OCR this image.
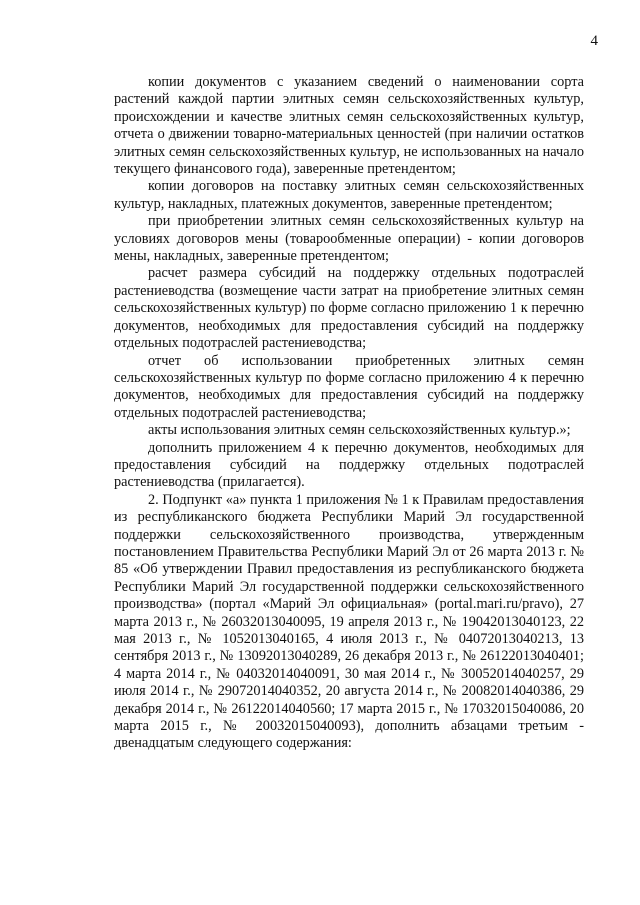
4

копии документов с указанием сведений о наименовании сорта растений каждой партии элитных семян сельскохозяйственных культур, происхождении и качестве элитных семян сельскохозяйственных культур, отчета о движении товарно-материальных ценностей (при наличии остатков элитных семян сельскохозяйственных культур, не использованных на начало текущего финансового года), заверенные претендентом;

копии договоров на поставку элитных семян сельскохозяйственных культур, накладных, платежных документов, заверенные претендентом;

при приобретении элитных семян сельскохозяйственных культур на условиях договоров мены (товарообменные операции) - копии договоров мены, накладных, заверенные претендентом;

расчет размера субсидий на поддержку отдельных подотраслей растениеводства (возмещение части затрат на приобретение элитных семян сельскохозяйственных культур) по форме согласно приложению 1 к перечню документов, необходимых для предоставления субсидий на поддержку отдельных подотраслей растениеводства;

отчет об использовании приобретенных элитных семян сельскохозяйственных культур по форме согласно приложению 4 к перечню документов, необходимых для предоставления субсидий на поддержку отдельных подотраслей растениеводства;

акты использования элитных семян сельскохозяйственных культур.»;

дополнить приложением 4 к перечню документов, необходимых для предоставления субсидий на поддержку отдельных подотраслей растениеводства (прилагается).

2. Подпункт «а» пункта 1 приложения № 1 к Правилам предоставления из республиканского бюджета Республики Марий Эл государственной поддержки сельскохозяйственного производства, утвержденным постановлением Правительства Республики Марий Эл от 26 марта 2013 г. № 85 «Об утверждении Правил предоставления из республиканского бюджета Республики Марий Эл государственной поддержки сельскохозяйственного производства» (портал «Марий Эл официальная» (portal.mari.ru/pravo), 27 марта 2013 г., № 26032013040095, 19 апреля 2013 г., № 19042013040123, 22 мая 2013 г., № 1052013040165, 4 июля 2013 г., № 04072013040213, 13 сентября 2013 г., № 13092013040289, 26 декабря 2013 г., № 26122013040401; 4 марта 2014 г., № 04032014040091, 30 мая 2014 г., № 30052014040257, 29 июля 2014 г., № 29072014040352, 20 августа 2014 г., № 20082014040386, 29 декабря 2014 г., № 26122014040560; 17 марта 2015 г., № 17032015040086, 20 марта 2015 г., № 20032015040093), дополнить абзацами третьим - двенадцатым следующего содержания:
